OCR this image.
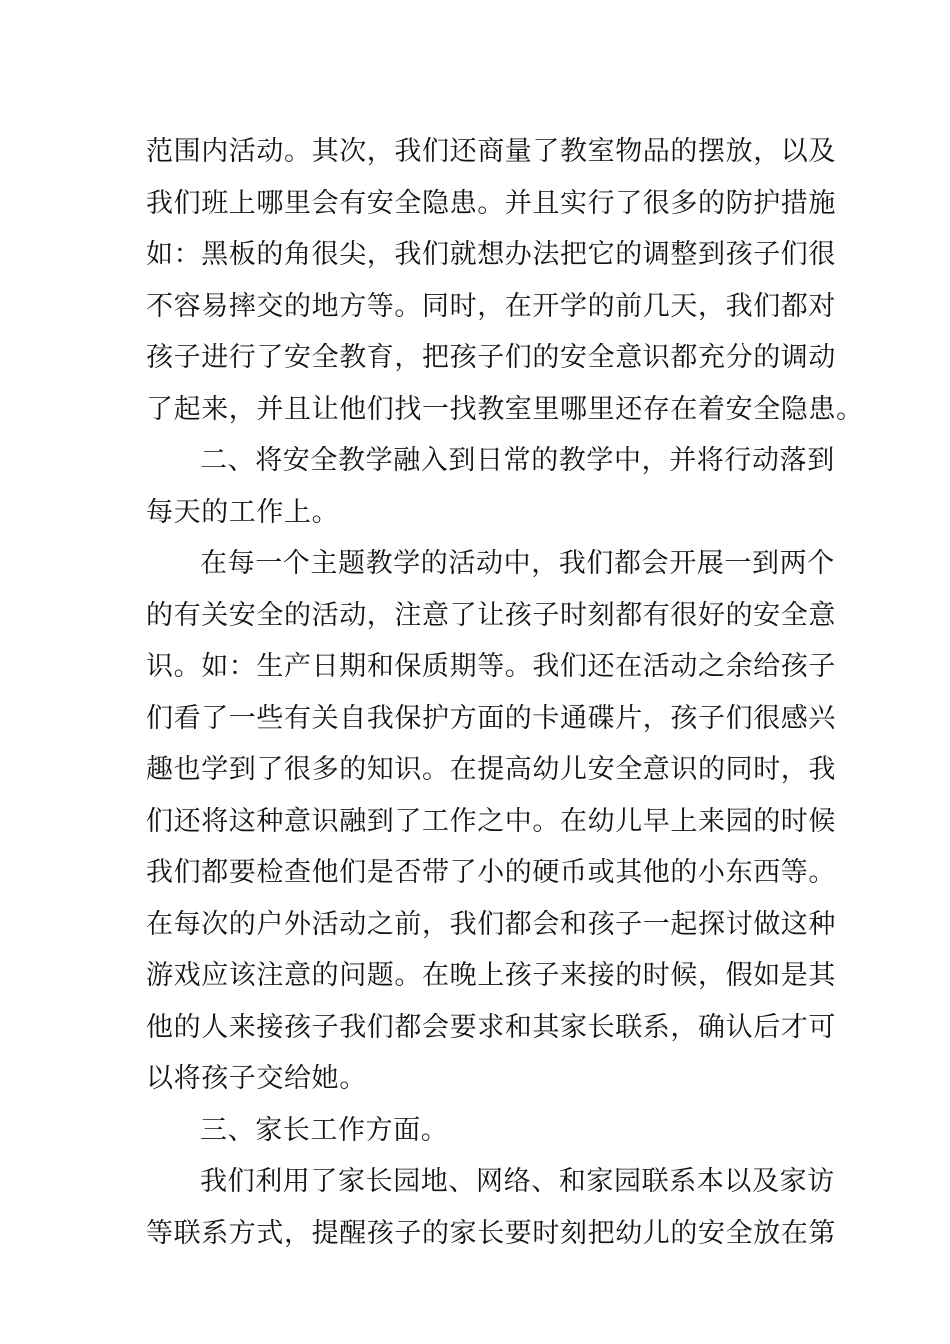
范围内活动。其次，我们还商量了教室物品的摆放，以及
我们班上哪里会有安全隐患。并且实行了很多的防护措施
如：黑板的角很尖，我们就想办法把它的调整到孩子们很
不容易摔交的地方等。同时，在开学的前几天，我们都对
孩子进行了安全教育，把孩子们的安全意识都充分的调动
了起来，并且让他们找一找教室里哪里还存在着安全隐患。
二、将安全教学融入到日常的教学中，并将行动落到
每天的工作上。
在每一个主题教学的活动中，我们都会开展一到两个
的有关安全的活动，注意了让孩子时刻都有很好的安全意
识。如：生产日期和保质期等。我们还在活动之余给孩子
们看了一些有关自我保护方面的卡通碟片，孩子们很感兴
趣也学到了很多的知识。在提高幼儿安全意识的同时，我
们还将这种意识融到了工作之中。在幼儿早上来园的时候
我们都要检查他们是否带了小的硬币或其他的小东西等。
在每次的户外活动之前，我们都会和孩子一起探讨做这种
游戏应该注意的问题。在晚上孩子来接的时候，假如是其
他的人来接孩子我们都会要求和其家长联系，确认后才可
以将孩子交给她。
三、家长工作方面。
我们利用了家长园地、网络、和家园联系本以及家访
等联系方式，提醒孩子的家长要时刻把幼儿的安全放在第
